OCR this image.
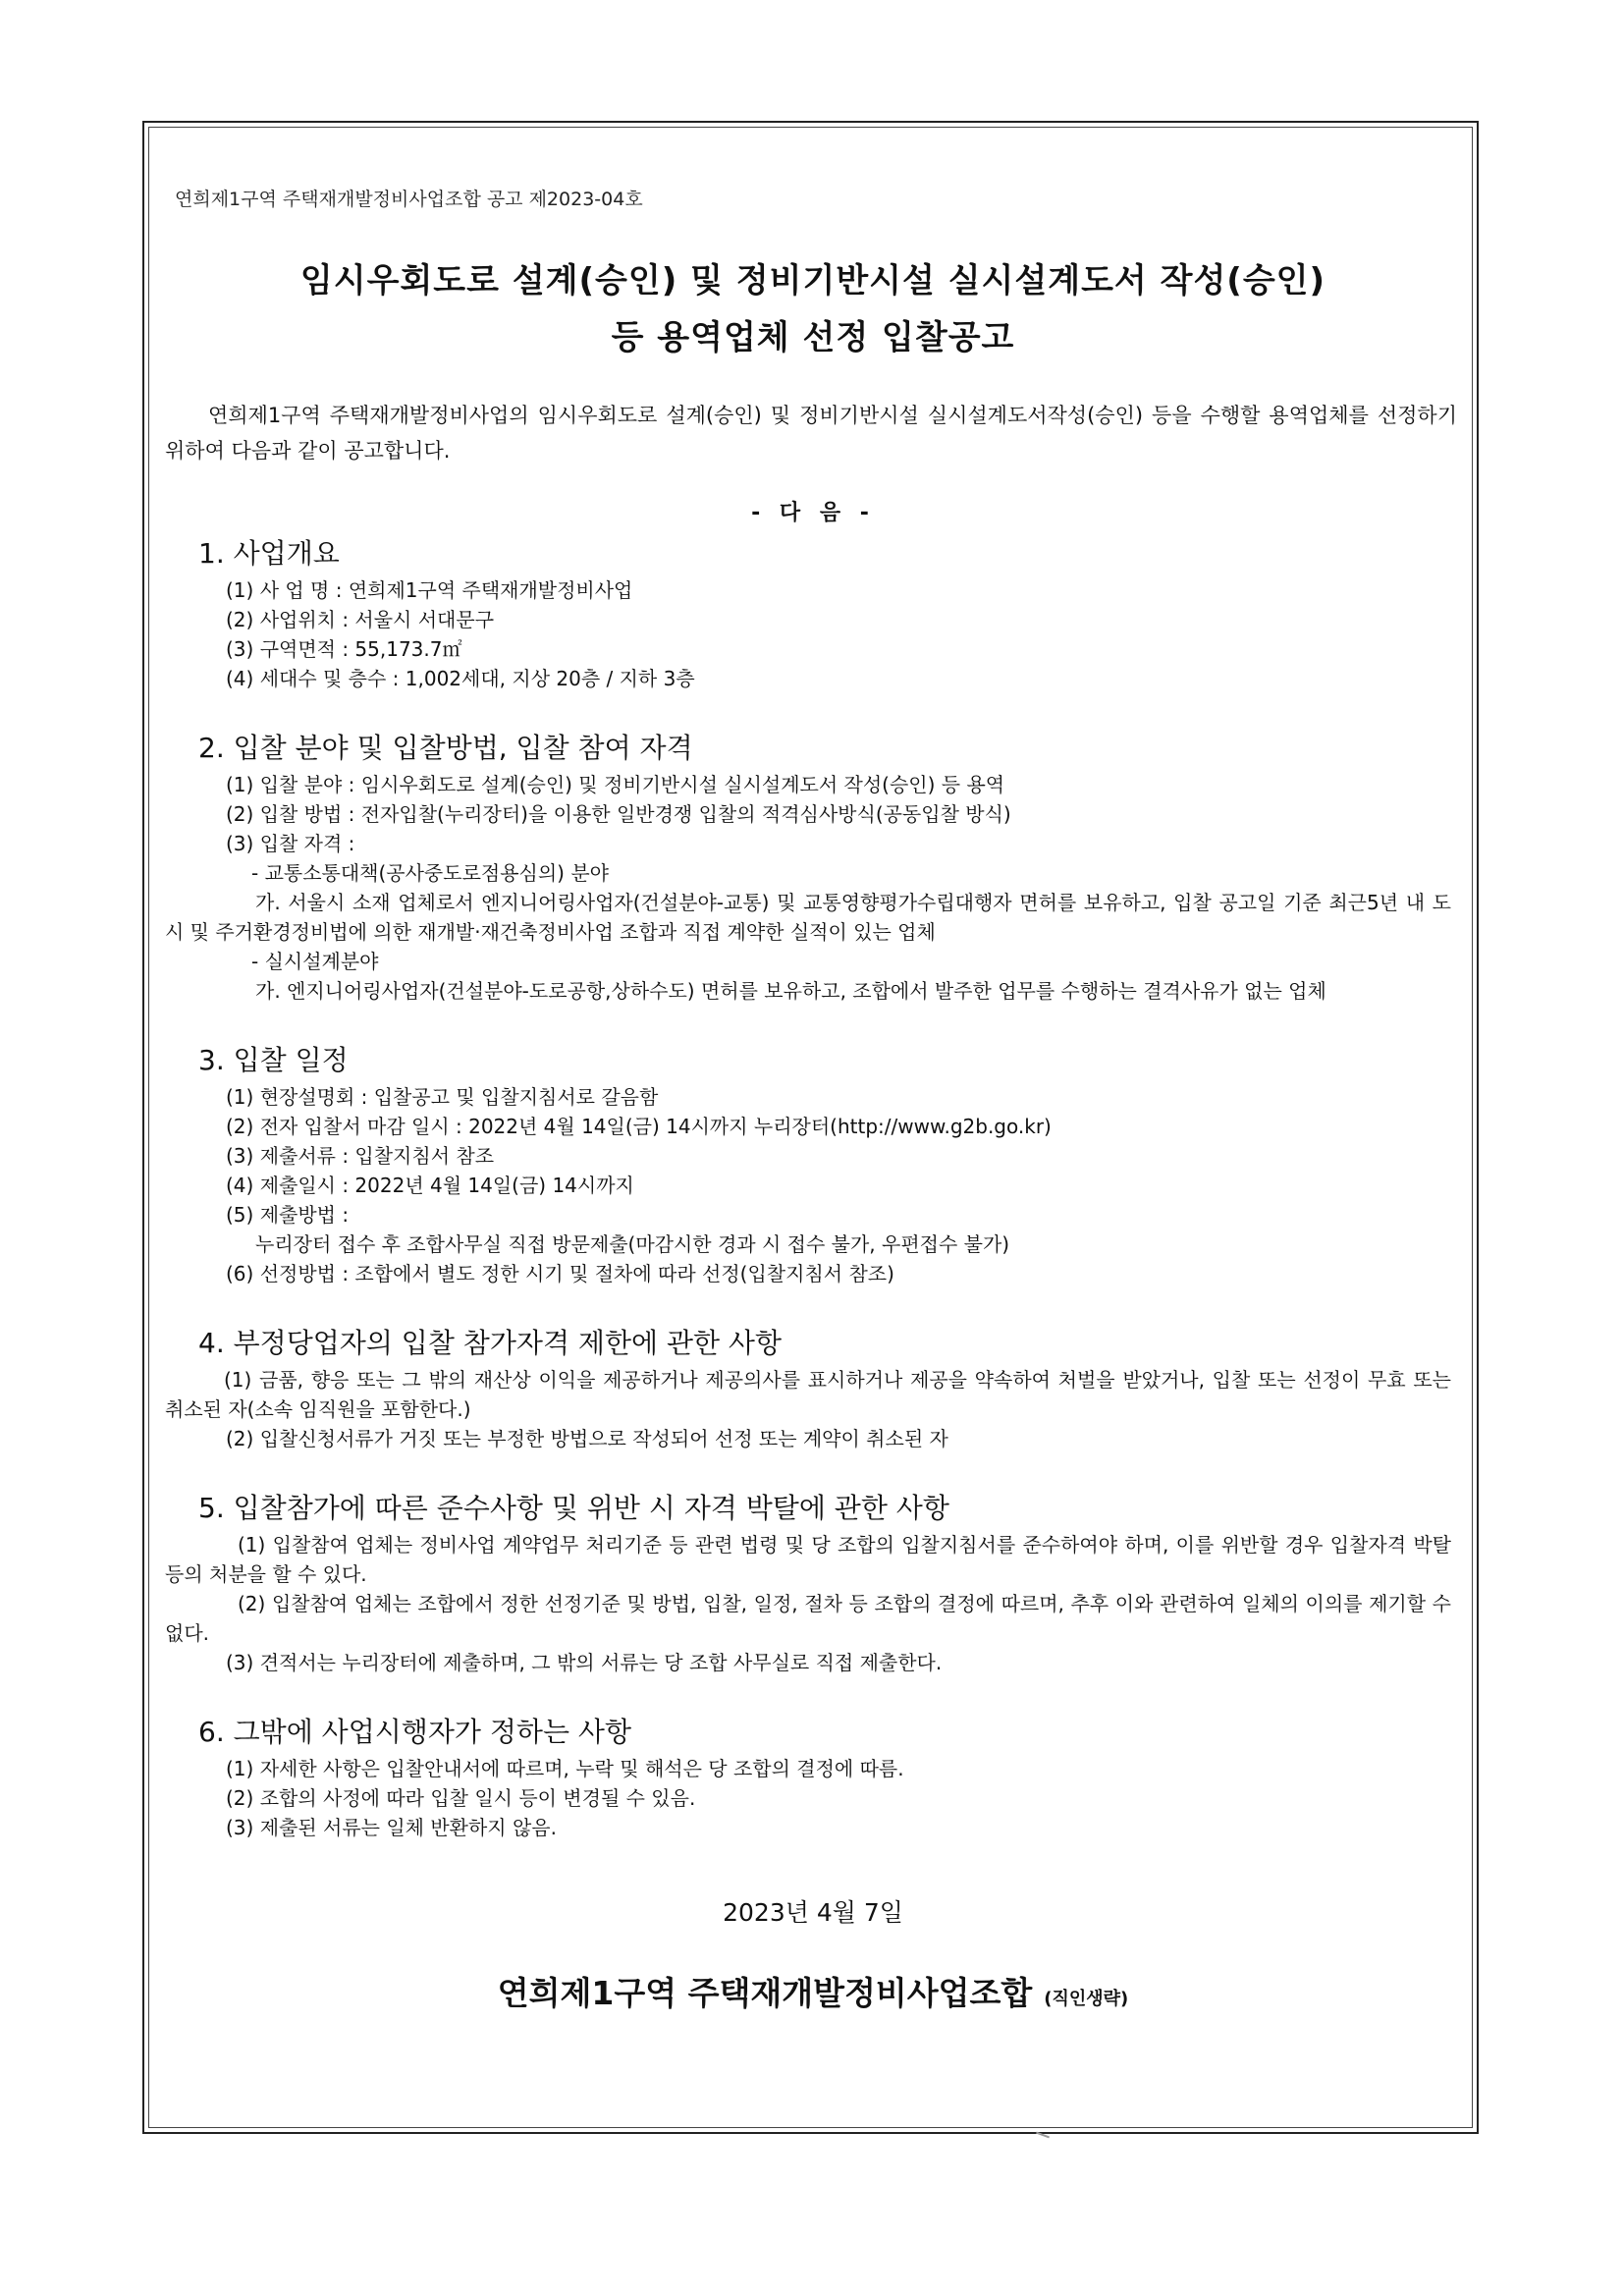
연희제1구역 주택재개발정비사업조합 공고 제2023-04호
임시우회도로 설계(승인) 및 정비기반시설 실시설계도서 작성(승인)
등 용역업체 선정 입찰공고
연희제1구역 주택재개발정비사업의 임시우회도로 설계(승인) 및 정비기반시설 실시설계도서작성(승인) 등을 수행할 용역업체를 선정하기 위하여 다음과 같이 공고합니다.
- 다 음 -
1. 사업개요
(1) 사 업 명 : 연희제1구역 주택재개발정비사업
(2) 사업위치 : 서울시 서대문구
(3) 구역면적 : 55,173.7㎡
(4) 세대수 및 층수 : 1,002세대, 지상 20층 / 지하 3층
2. 입찰 분야 및 입찰방법, 입찰 참여 자격
(1) 입찰 분야 : 임시우회도로 설계(승인) 및 정비기반시설 실시설계도서 작성(승인) 등 용역
(2) 입찰 방법 : 전자입찰(누리장터)을 이용한 일반경쟁 입찰의 적격심사방식(공동입찰 방식)
(3) 입찰 자격 :
- 교통소통대책(공사중도로점용심의) 분야
가. 서울시 소재 업체로서 엔지니어링사업자(건설분야-교통) 및 교통영향평가수립대행자 면허를 보유하고, 입찰 공고일 기준 최근5년 내 도시 및 주거환경정비법에 의한 재개발·재건축정비사업 조합과 직접 계약한 실적이 있는 업체
- 실시설계분야
가. 엔지니어링사업자(건설분야-도로공항,상하수도) 면허를 보유하고, 조합에서 발주한 업무를 수행하는 결격사유가 없는 업체
3. 입찰 일정
(1) 현장설명회 : 입찰공고 및 입찰지침서로 갈음함
(2) 전자 입찰서 마감 일시 : 2022년 4월 14일(금) 14시까지 누리장터(http://www.g2b.go.kr)
(3) 제출서류 : 입찰지침서 참조
(4) 제출일시 : 2022년 4월 14일(금) 14시까지
(5) 제출방법 :
누리장터 접수 후 조합사무실 직접 방문제출(마감시한 경과 시 접수 불가, 우편접수 불가)
(6) 선정방법 : 조합에서 별도 정한 시기 및 절차에 따라 선정(입찰지침서 참조)
4. 부정당업자의 입찰 참가자격 제한에 관한 사항
(1) 금품, 향응 또는 그 밖의 재산상 이익을 제공하거나 제공의사를 표시하거나 제공을 약속하여 처벌을 받았거나, 입찰 또는 선정이 무효 또는 취소된 자(소속 임직원을 포함한다.)
(2) 입찰신청서류가 거짓 또는 부정한 방법으로 작성되어 선정 또는 계약이 취소된 자
5. 입찰참가에 따른 준수사항 및 위반 시 자격 박탈에 관한 사항
(1) 입찰참여 업체는 정비사업 계약업무 처리기준 등 관련 법령 및 당 조합의 입찰지침서를 준수하여야 하며, 이를 위반할 경우 입찰자격 박탈 등의 처분을 할 수 있다.
(2) 입찰참여 업체는 조합에서 정한 선정기준 및 방법, 입찰, 일정, 절차 등 조합의 결정에 따르며, 추후 이와 관련하여 일체의 이의를 제기할 수 없다.
(3) 견적서는 누리장터에 제출하며, 그 밖의 서류는 당 조합 사무실로 직접 제출한다.
6. 그밖에 사업시행자가 정하는 사항
(1) 자세한 사항은 입찰안내서에 따르며, 누락 및 해석은 당 조합의 결정에 따름.
(2) 조합의 사정에 따라 입찰 일시 등이 변경될 수 있음.
(3) 제출된 서류는 일체 반환하지 않음.
2023년 4월 7일
연희제1구역 주택재개발정비사업조합 (직인생략)
